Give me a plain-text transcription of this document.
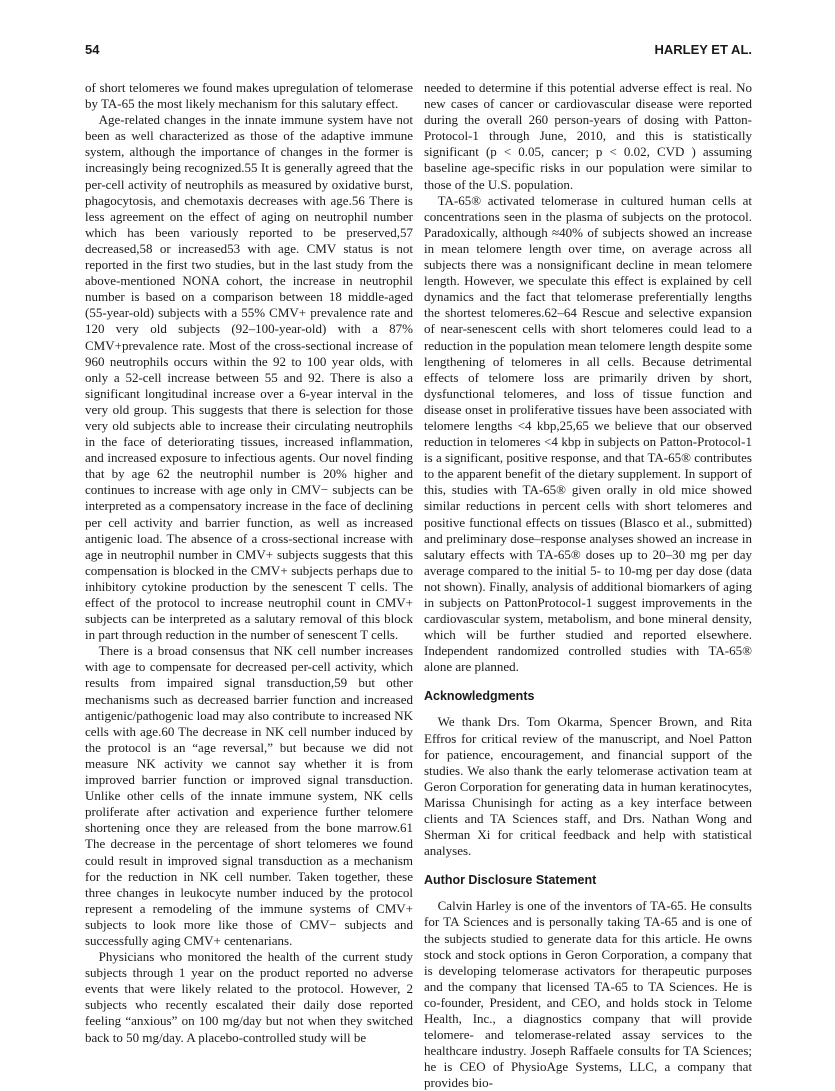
54	HARLEY ET AL.

of short telomeres we found makes upregulation of telomerase by TA-65 the most likely mechanism for this salutary effect.

Age-related changes in the innate immune system have not been as well characterized as those of the adaptive immune system, although the importance of changes in the former is increasingly being recognized.55 It is generally agreed that the per-cell activity of neutrophils as measured by oxidative burst, phagocytosis, and chemotaxis decreases with age.56 There is less agreement on the effect of aging on neutrophil number which has been variously reported to be preserved,57 decreased,58 or increased53 with age. CMV status is not reported in the first two studies, but in the last study from the above-mentioned NONA cohort, the increase in neutrophil number is based on a comparison between 18 middle-aged (55-year-old) subjects with a 55% CMV+ prevalence rate and 120 very old subjects (92–100-year-old) with a 87% CMV+prevalence rate. Most of the cross-sectional increase of 960 neutrophils occurs within the 92 to 100 year olds, with only a 52-cell increase between 55 and 92. There is also a significant longitudinal increase over a 6-year interval in the very old group. This suggests that there is selection for those very old subjects able to increase their circulating neutrophils in the face of deteriorating tissues, increased inflammation, and increased exposure to infectious agents. Our novel finding that by age 62 the neutrophil number is 20% higher and continues to increase with age only in CMV− subjects can be interpreted as a compensatory increase in the face of declining per cell activity and barrier function, as well as increased antigenic load. The absence of a cross-sectional increase with age in neutrophil number in CMV+ subjects suggests that this compensation is blocked in the CMV+ subjects perhaps due to inhibitory cytokine production by the senescent T cells. The effect of the protocol to increase neutrophil count in CMV+ subjects can be interpreted as a salutary removal of this block in part through reduction in the number of senescent T cells.

There is a broad consensus that NK cell number increases with age to compensate for decreased per-cell activity, which results from impaired signal transduction,59 but other mechanisms such as decreased barrier function and increased antigenic/pathogenic load may also contribute to increased NK cells with age.60 The decrease in NK cell number induced by the protocol is an “age reversal,” but because we did not measure NK activity we cannot say whether it is from improved barrier function or improved signal transduction. Unlike other cells of the innate immune system, NK cells proliferate after activation and experience further telomere shortening once they are released from the bone marrow.61 The decrease in the percentage of short telomeres we found could result in improved signal transduction as a mechanism for the reduction in NK cell number. Taken together, these three changes in leukocyte number induced by the protocol represent a remodeling of the immune systems of CMV+ subjects to look more like those of CMV− subjects and successfully aging CMV+ centenarians.

Physicians who monitored the health of the current study subjects through 1 year on the product reported no adverse events that were likely related to the protocol. However, 2 subjects who recently escalated their daily dose reported feeling “anxious” on 100 mg/day but not when they switched back to 50 mg/day. A placebo-controlled study will be

needed to determine if this potential adverse effect is real. No new cases of cancer or cardiovascular disease were reported during the overall 260 person-years of dosing with Patton-Protocol-1 through June, 2010, and this is statistically significant (p < 0.05, cancer; p < 0.02, CVD ) assuming baseline age-specific risks in our population were similar to those of the U.S. population.

TA-65® activated telomerase in cultured human cells at concentrations seen in the plasma of subjects on the protocol. Paradoxically, although ≈40% of subjects showed an increase in mean telomere length over time, on average across all subjects there was a nonsignificant decline in mean telomere length. However, we speculate this effect is explained by cell dynamics and the fact that telomerase preferentially lengths the shortest telomeres.62–64 Rescue and selective expansion of near-senescent cells with short telomeres could lead to a reduction in the population mean telomere length despite some lengthening of telomeres in all cells. Because detrimental effects of telomere loss are primarily driven by short, dysfunctional telomeres, and loss of tissue function and disease onset in proliferative tissues have been associated with telomere lengths <4 kbp,25,65 we believe that our observed reduction in telomeres <4 kbp in subjects on Patton-Protocol-1 is a significant, positive response, and that TA-65® contributes to the apparent benefit of the dietary supplement. In support of this, studies with TA-65® given orally in old mice showed similar reductions in percent cells with short telomeres and positive functional effects on tissues (Blasco et al., submitted) and preliminary dose–response analyses showed an increase in salutary effects with TA-65® doses up to 20–30 mg per day average compared to the initial 5- to 10-mg per day dose (data not shown). Finally, analysis of additional biomarkers of aging in subjects on PattonProtocol-1 suggest improvements in the cardiovascular system, metabolism, and bone mineral density, which will be further studied and reported elsewhere. Independent randomized controlled studies with TA-65® alone are planned.

Acknowledgments

We thank Drs. Tom Okarma, Spencer Brown, and Rita Effros for critical review of the manuscript, and Noel Patton for patience, encouragement, and financial support of the studies. We also thank the early telomerase activation team at Geron Corporation for generating data in human keratinocytes, Marissa Chunisingh for acting as a key interface between clients and TA Sciences staff, and Drs. Nathan Wong and Sherman Xi for critical feedback and help with statistical analyses.

Author Disclosure Statement

Calvin Harley is one of the inventors of TA-65. He consults for TA Sciences and is personally taking TA-65 and is one of the subjects studied to generate data for this article. He owns stock and stock options in Geron Corporation, a company that is developing telomerase activators for therapeutic purposes and the company that licensed TA-65 to TA Sciences. He is co-founder, President, and CEO, and holds stock in Telome Health, Inc., a diagnostics company that will provide telomere- and telomerase-related assay services to the healthcare industry. Joseph Raffaele consults for TA Sciences; he is CEO of PhysioAge Systems, LLC, a company that provides bio-
